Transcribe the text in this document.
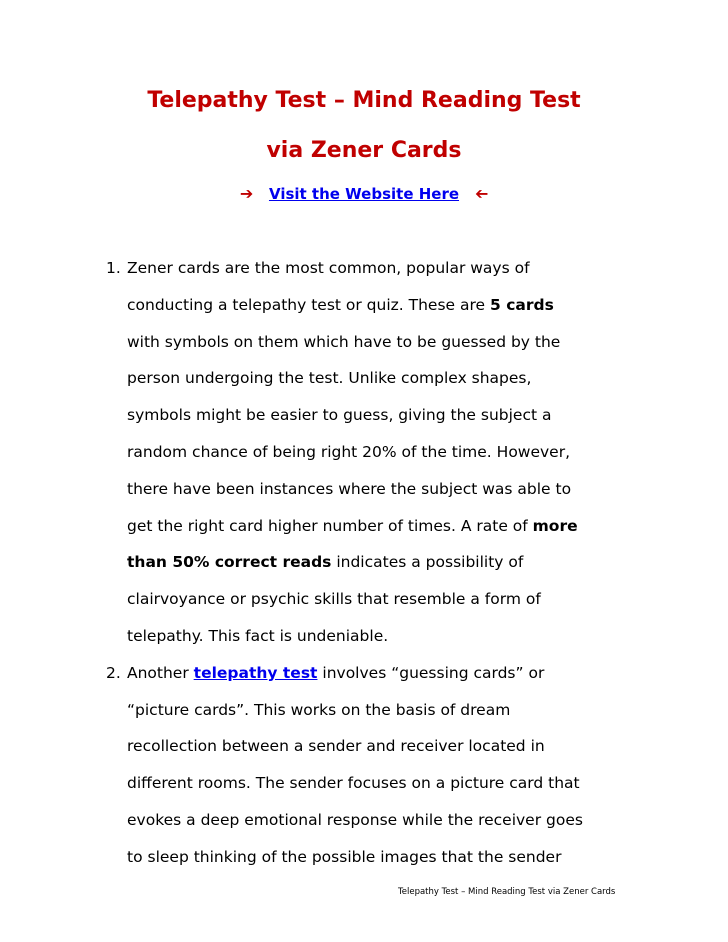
Telepathy Test – Mind Reading Test
via Zener Cards
➔ Visit the Website Here ➔
1. Zener cards are the most common, popular ways of
conducting a telepathy test or quiz. These are 5 cards
with symbols on them which have to be guessed by the
person undergoing the test. Unlike complex shapes,
symbols might be easier to guess, giving the subject a
random chance of being right 20% of the time. However,
there have been instances where the subject was able to
get the right card higher number of times. A rate of more
than 50% correct reads indicates a possibility of
clairvoyance or psychic skills that resemble a form of
telepathy. This fact is undeniable.
2. Another telepathy test involves “guessing cards” or
“picture cards”. This works on the basis of dream
recollection between a sender and receiver located in
different rooms. The sender focuses on a picture card that
evokes a deep emotional response while the receiver goes
to sleep thinking of the possible images that the sender
Telepathy Test – Mind Reading Test via Zener Cards
